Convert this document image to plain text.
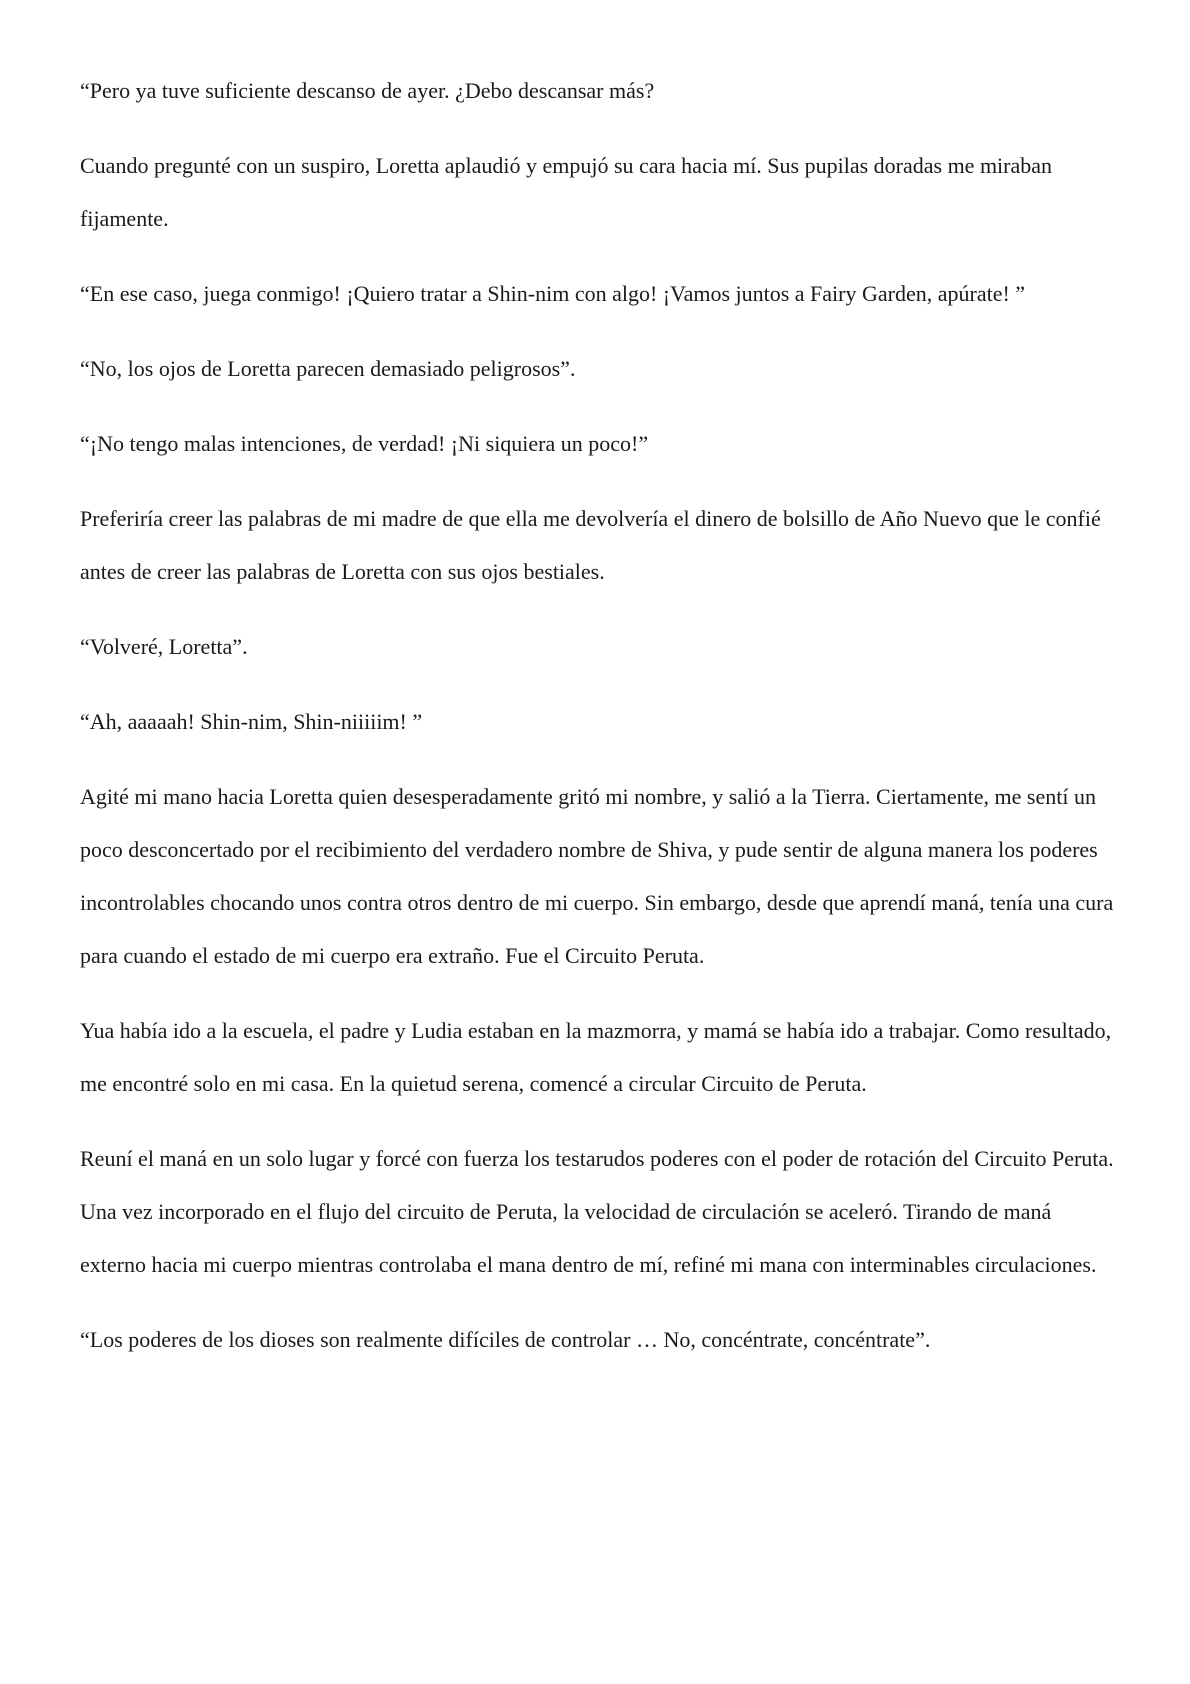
“Pero ya tuve suficiente descanso de ayer. ¿Debo descansar más?

Cuando pregunté con un suspiro, Loretta aplaudió y empujó su cara hacia mí. Sus pupilas doradas me miraban fijamente.

“En ese caso, juega conmigo! ¡Quiero tratar a Shin-nim con algo! ¡Vamos juntos a Fairy Garden, apúrate! ”

“No, los ojos de Loretta parecen demasiado peligrosos”.

“¡No tengo malas intenciones, de verdad! ¡Ni siquiera un poco!”

Preferiría creer las palabras de mi madre de que ella me devolvería el dinero de bolsillo de Año Nuevo que le confié antes de creer las palabras de Loretta con sus ojos bestiales.

“Volveré, Loretta”.

“Ah, aaaaah! Shin-nim, Shin-niiiiim! ”

Agité mi mano hacia Loretta quien desesperadamente gritó mi nombre, y salió a la Tierra. Ciertamente, me sentí un poco desconcertado por el recibimiento del verdadero nombre de Shiva, y pude sentir de alguna manera los poderes incontrolables chocando unos contra otros dentro de mi cuerpo. Sin embargo, desde que aprendí maná, tenía una cura para cuando el estado de mi cuerpo era extraño. Fue el Circuito Peruta.

Yua había ido a la escuela, el padre y Ludia estaban en la mazmorra, y mamá se había ido a trabajar. Como resultado, me encontré solo en mi casa. En la quietud serena, comencé a circular Circuito de Peruta.

Reuní el maná en un solo lugar y forcé con fuerza los testarudos poderes con el poder de rotación del Circuito Peruta. Una vez incorporado en el flujo del circuito de Peruta, la velocidad de circulación se aceleró. Tirando de maná externo hacia mi cuerpo mientras controlaba el mana dentro de mí, refiné mi mana con interminables circulaciones.

“Los poderes de los dioses son realmente difíciles de controlar … No, concéntrate, concéntrate”.
